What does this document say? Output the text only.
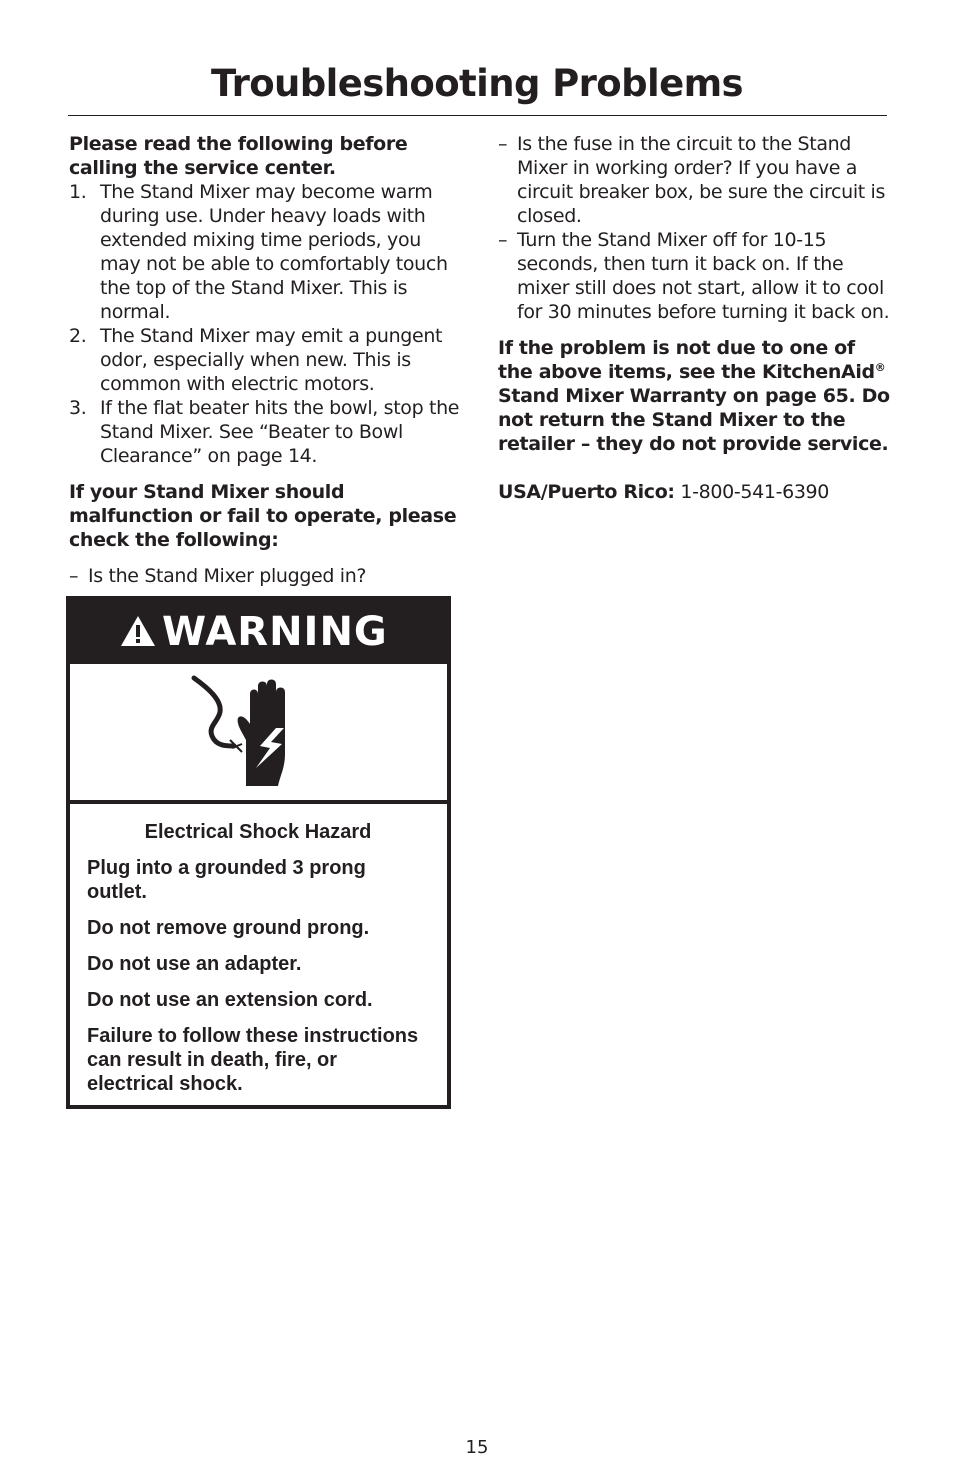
Troubleshooting Problems

Please read the following before calling the service center.

1. The Stand Mixer may become warm during use. Under heavy loads with extended mixing time periods, you may not be able to comfortably touch the top of the Stand Mixer. This is normal.

2. The Stand Mixer may emit a pungent odor, especially when new. This is common with electric motors.

3. If the flat beater hits the bowl, stop the Stand Mixer. See “Beater to Bowl Clearance” on page 14.

If your Stand Mixer should malfunction or fail to operate, please check the following:

– Is the Stand Mixer plugged in?

– Is the fuse in the circuit to the Stand Mixer in working order? If you have a circuit breaker box, be sure the circuit is closed.

– Turn the Stand Mixer off for 10-15 seconds, then turn it back on. If the mixer still does not start, allow it to cool for 30 minutes before turning it back on.

If the problem is not due to one of the above items, see the KitchenAid® Stand Mixer Warranty on page 65. Do not return the Stand Mixer to the retailer – they do not provide service.

USA/Puerto Rico: 1-800-541-6390

WARNING

Electrical Shock Hazard

Plug into a grounded 3 prong outlet.

Do not remove ground prong.

Do not use an adapter.

Do not use an extension cord.

Failure to follow these instructions can result in death, fire, or electrical shock.

15
